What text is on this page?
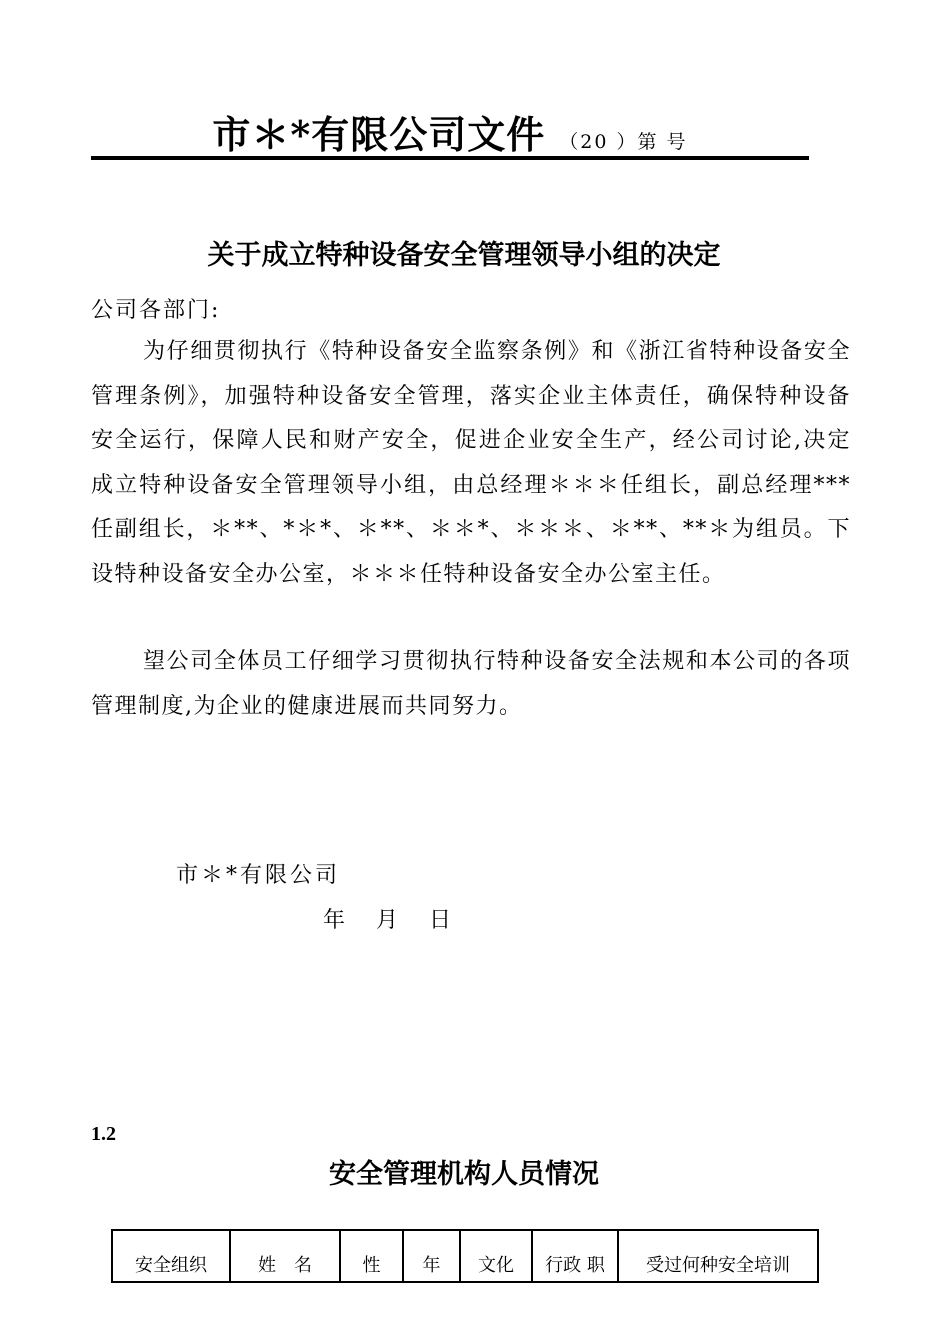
市＊*有限公司文件 （20 ）第 号
关于成立特种设备安全管理领导小组的决定
公司各部门:
为仔细贯彻执行《特种设备安全监察条例》和《浙江省特种设备安全管理条例》，加强特种设备安全管理，落实企业主体责任，确保特种设备安全运行，保障人民和财产安全，促进企业安全生产，经公司讨论,决定成立特种设备安全管理领导小组，由总经理＊＊＊任组长，副总经理***任副组长，＊**、*＊*、＊**、＊＊*、＊＊＊、＊**、**＊为组员。下设特种设备安全办公室，＊＊＊任特种设备安全办公室主任。
望公司全体员工仔细学习贯彻执行特种设备安全法规和本公司的各项管理制度,为企业的健康进展而共同努力。
市＊*有限公司
年 月 日
1.2
安全管理机构人员情况
安全组织	姓　名	性	年	文化	行政 职	受过何种安全培训
